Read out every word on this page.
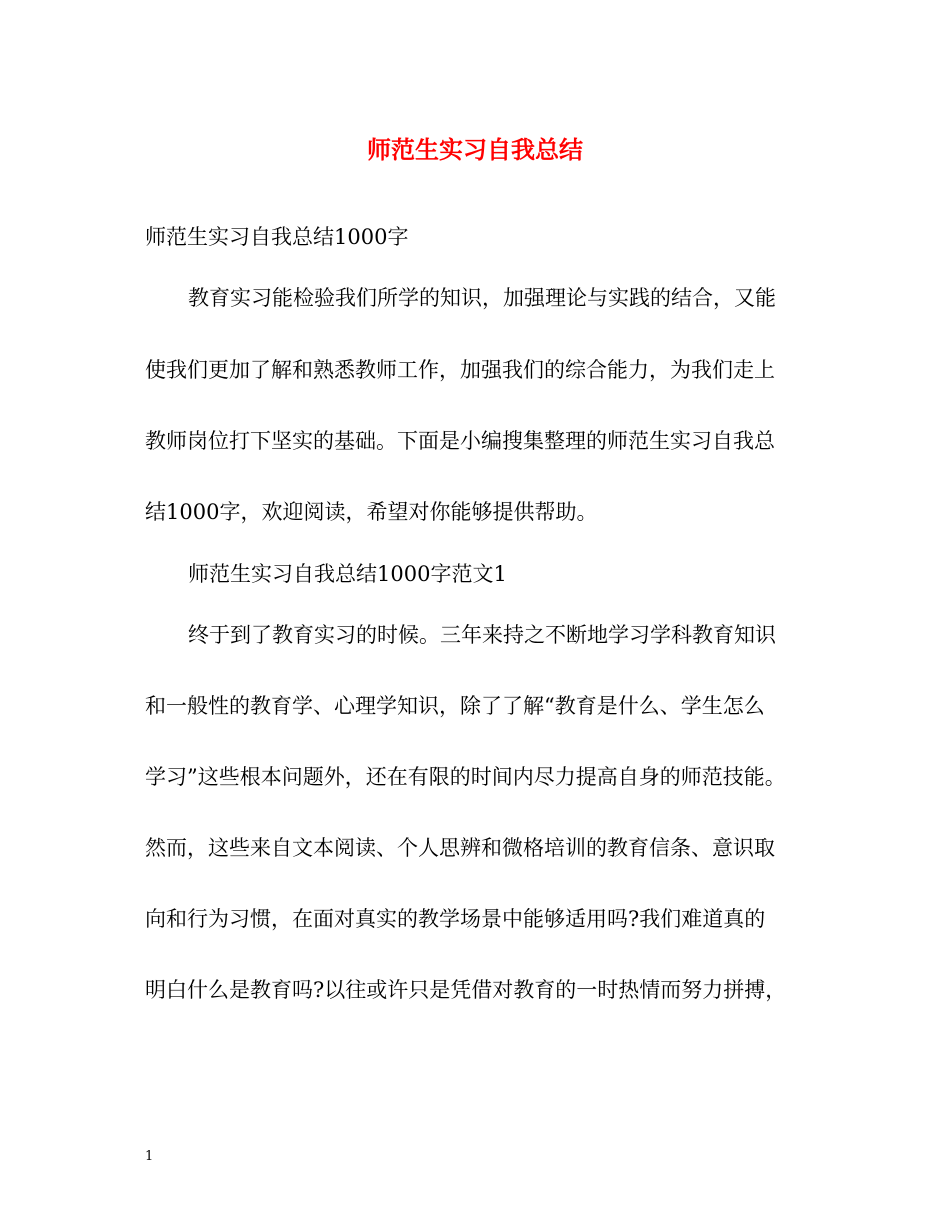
师范生实习自我总结
师范生实习自我总结1000字
教育实习能检验我们所学的知识，加强理论与实践的结合，又能
使我们更加了解和熟悉教师工作，加强我们的综合能力，为我们走上
教师岗位打下坚实的基础。下面是小编搜集整理的师范生实习自我总
结1000字，欢迎阅读，希望对你能够提供帮助。
师范生实习自我总结1000字范文1
终于到了教育实习的时候。三年来持之不断地学习学科教育知识
和一般性的教育学、心理学知识，除了了解“教育是什么、学生怎么
学习”这些根本问题外，还在有限的时间内尽力提高自身的师范技能。
然而，这些来自文本阅读、个人思辨和微格培训的教育信条、意识取
向和行为习惯，在面对真实的教学场景中能够适用吗?我们难道真的
明白什么是教育吗?以往或许只是凭借对教育的一时热情而努力拼搏，
1
